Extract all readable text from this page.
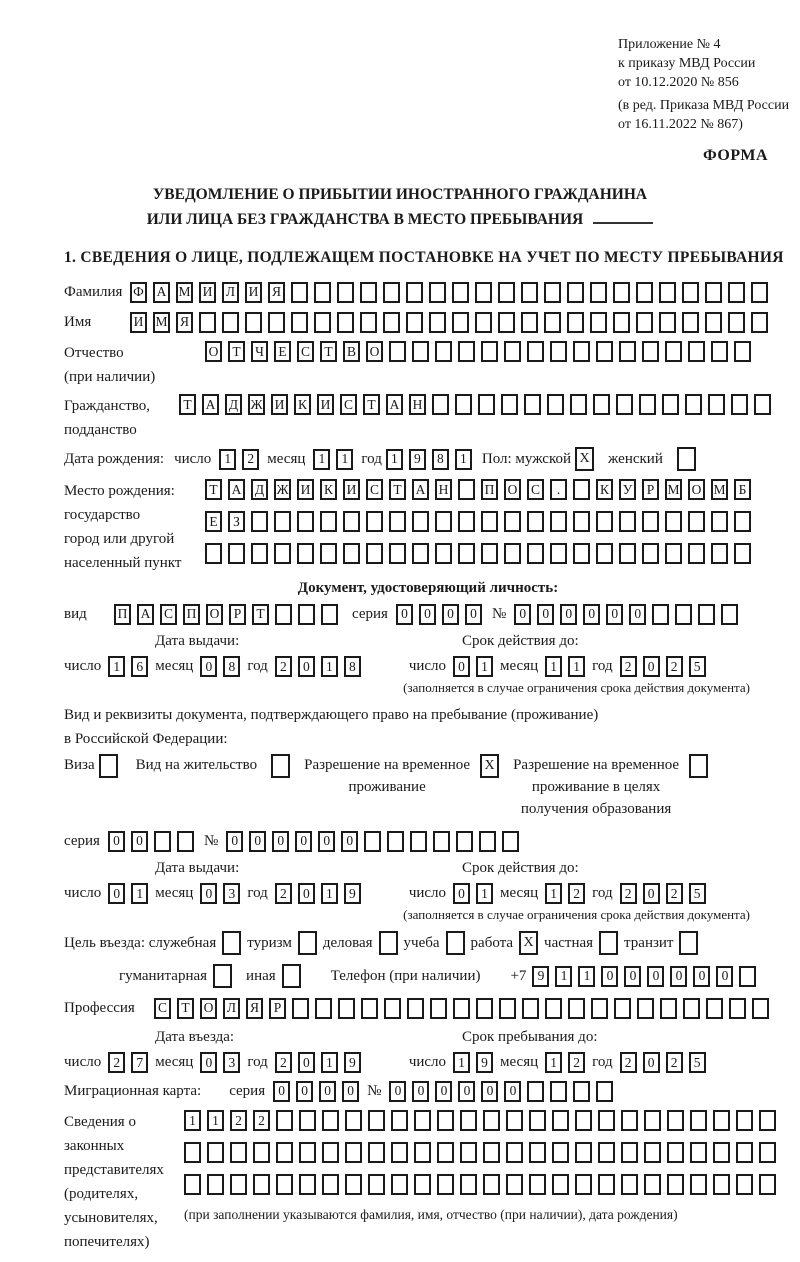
Приложение № 4
к приказу МВД России
от 10.12.2020 № 856
(в ред. Приказа МВД России
от 16.11.2022 № 867)
ФОРМА
УВЕДОМЛЕНИЕ О ПРИБЫТИИ ИНОСТРАННОГО ГРАЖДАНИНА
ИЛИ ЛИЦА БЕЗ ГРАЖДАНСТВА В МЕСТО ПРЕБЫВАНИЯ
1. СВЕДЕНИЯ О ЛИЦЕ, ПОДЛЕЖАЩЕМ ПОСТАНОВКЕ НА УЧЕТ ПО МЕСТУ ПРЕБЫВАНИЯ
Фамилия Ф А М И Л И Я
Имя	И М Я
Отчество
(при наличии)
О	Т	Ч	Е	С	Т	В О
Гражданство,
подданство
Т	А Д Ж И К И С	Т	А Н
Дата рождения: число 1	2 месяц 1	1 год 1	9	8	1	Пол: мужской X женский
Место рождения:
государство
город или другой
населенный пункт
Т	А Д Ж И К И С	Т	А Н	П О С	.	К У	Р М О М Б
Е	З
Документ, удостоверяющий личность:
вид	П А С П О	Р	Т	серия 0	0	0	0	№ 0	0	0	0	0	0
Дата выдачи:	Срок действия до:
число 1	6 месяц 0	8 год 2	0	1	8	число 0	1 месяц 1	1 год 2	0	2	5
(заполняется в случае ограничения срока действия документа)
Вид и реквизиты документа, подтверждающего право на пребывание (проживание)
в Российской Федерации:
Виза	Вид на жительство	Разрешение на временное
проживание
X Разрешение на временное
проживание в целях
получения образования
серия 0	0	№ 0	0	0	0	0	0
Дата выдачи:	Срок действия до:
число 0	1 месяц 0	3 год 2	0	1	9	число 0	1 месяц 1	2 год 2	0	2	5
(заполняется в случае ограничения срока действия документа)
Цель въезда: служебная туризм деловая учеба работа X частная транзит
гуманитарная	иная	Телефон (при наличии) +7 9	1	1	0	0	0	0	0	0
Профессия	С	Т	О Л Я	Р
Дата въезда:	Срок пребывания до:
число 2	7 месяц 0	3 год 2	0	1	9	число 1	9 месяц 1	2 год 2	0	2	5
Миграционная карта: серия 0	0	0	0 № 0	0	0	0	0	0
Сведения о
законных
представителях
(родителях,
усыновителях,
попечителях)
1	1	2	2
(при заполнении указываются фамилия, имя, отчество (при наличии), дата рождения)
